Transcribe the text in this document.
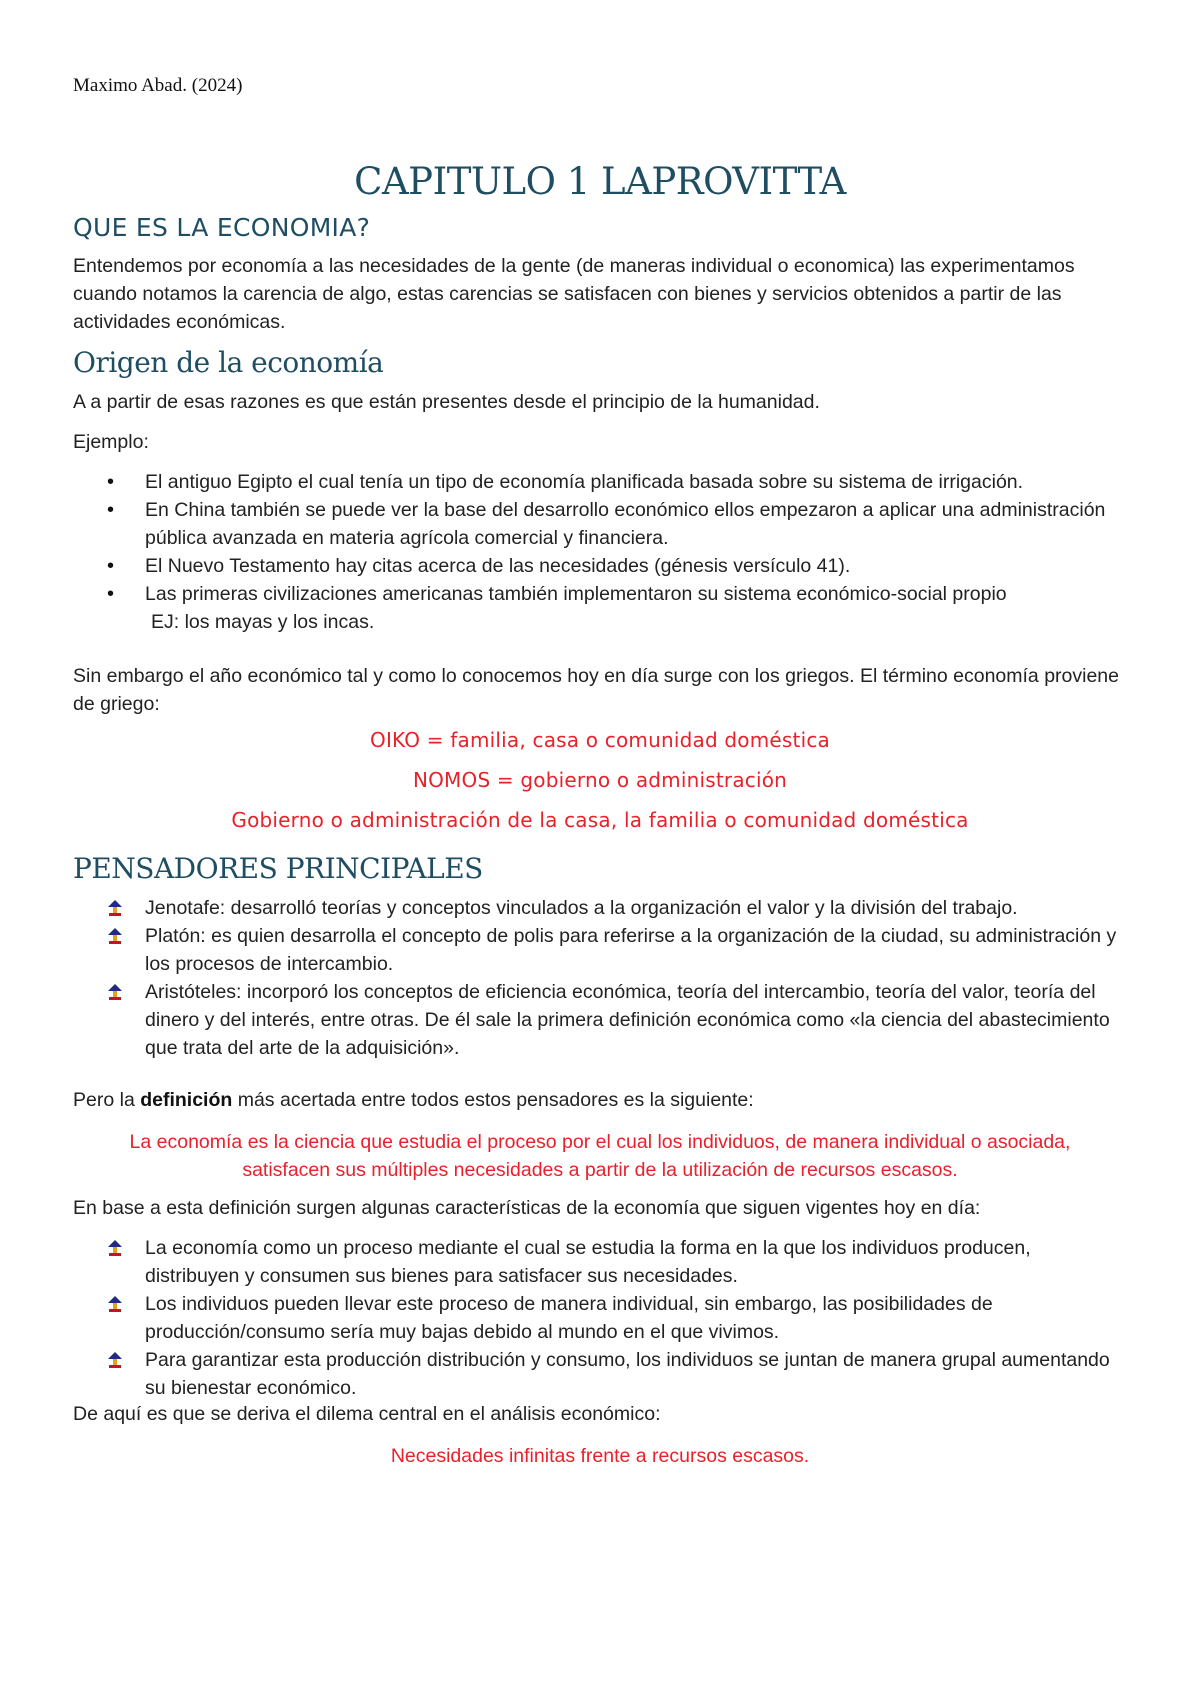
Maximo Abad. (2024)
CAPITULO 1 LAPROVITTA
QUE ES LA ECONOMIA?

Entendemos por economía a las necesidades de la gente (de maneras individual o economica) las experimentamos cuando notamos la carencia de algo, estas carencias se satisfacen con bienes y servicios obtenidos a partir de las actividades económicas.

Origen de la economía

A a partir de esas razones es que están presentes desde el principio de la humanidad.

Ejemplo:

• El antiguo Egipto el cual tenía un tipo de economía planificada basada sobre su sistema de irrigación.
• En China también se puede ver la base del desarrollo económico ellos empezaron a aplicar una administración pública avanzada en materia agrícola comercial y financiera.
• El Nuevo Testamento hay citas acerca de las necesidades (génesis versículo 41).
• Las primeras civilizaciones americanas también implementaron su sistema económico-social propio
EJ: los mayas y los incas.

Sin embargo el año económico tal y como lo conocemos hoy en día surge con los griegos. El término economía proviene de griego:

OIKO = familia, casa o comunidad doméstica

NOMOS = gobierno o administración

Gobierno o administración de la casa, la familia o comunidad doméstica

PENSADORES PRINCIPALES
Jenotafe: desarrolló teorías y conceptos vinculados a la organización el valor y la división del trabajo.
Platón: es quien desarrolla el concepto de polis para referirse a la organización de la ciudad, su administración y los procesos de intercambio.
Aristóteles: incorporó los conceptos de eficiencia económica, teoría del intercambio, teoría del valor, teoría del dinero y del interés, entre otras. De él sale la primera definición económica como «la ciencia del abastecimiento que trata del arte de la adquisición».

Pero la definición más acertada entre todos estos pensadores es la siguiente:

La economía es la ciencia que estudia el proceso por el cual los individuos, de manera individual o asociada, satisfacen sus múltiples necesidades a partir de la utilización de recursos escasos.

En base a esta definición surgen algunas características de la economía que siguen vigentes hoy en día:

La economía como un proceso mediante el cual se estudia la forma en la que los individuos producen, distribuyen y consumen sus bienes para satisfacer sus necesidades.
Los individuos pueden llevar este proceso de manera individual, sin embargo, las posibilidades de producción/consumo sería muy bajas debido al mundo en el que vivimos.
Para garantizar esta producción distribución y consumo, los individuos se juntan de manera grupal aumentando su bienestar económico.

De aquí es que se deriva el dilema central en el análisis económico:

Necesidades infinitas frente a recursos escasos.
